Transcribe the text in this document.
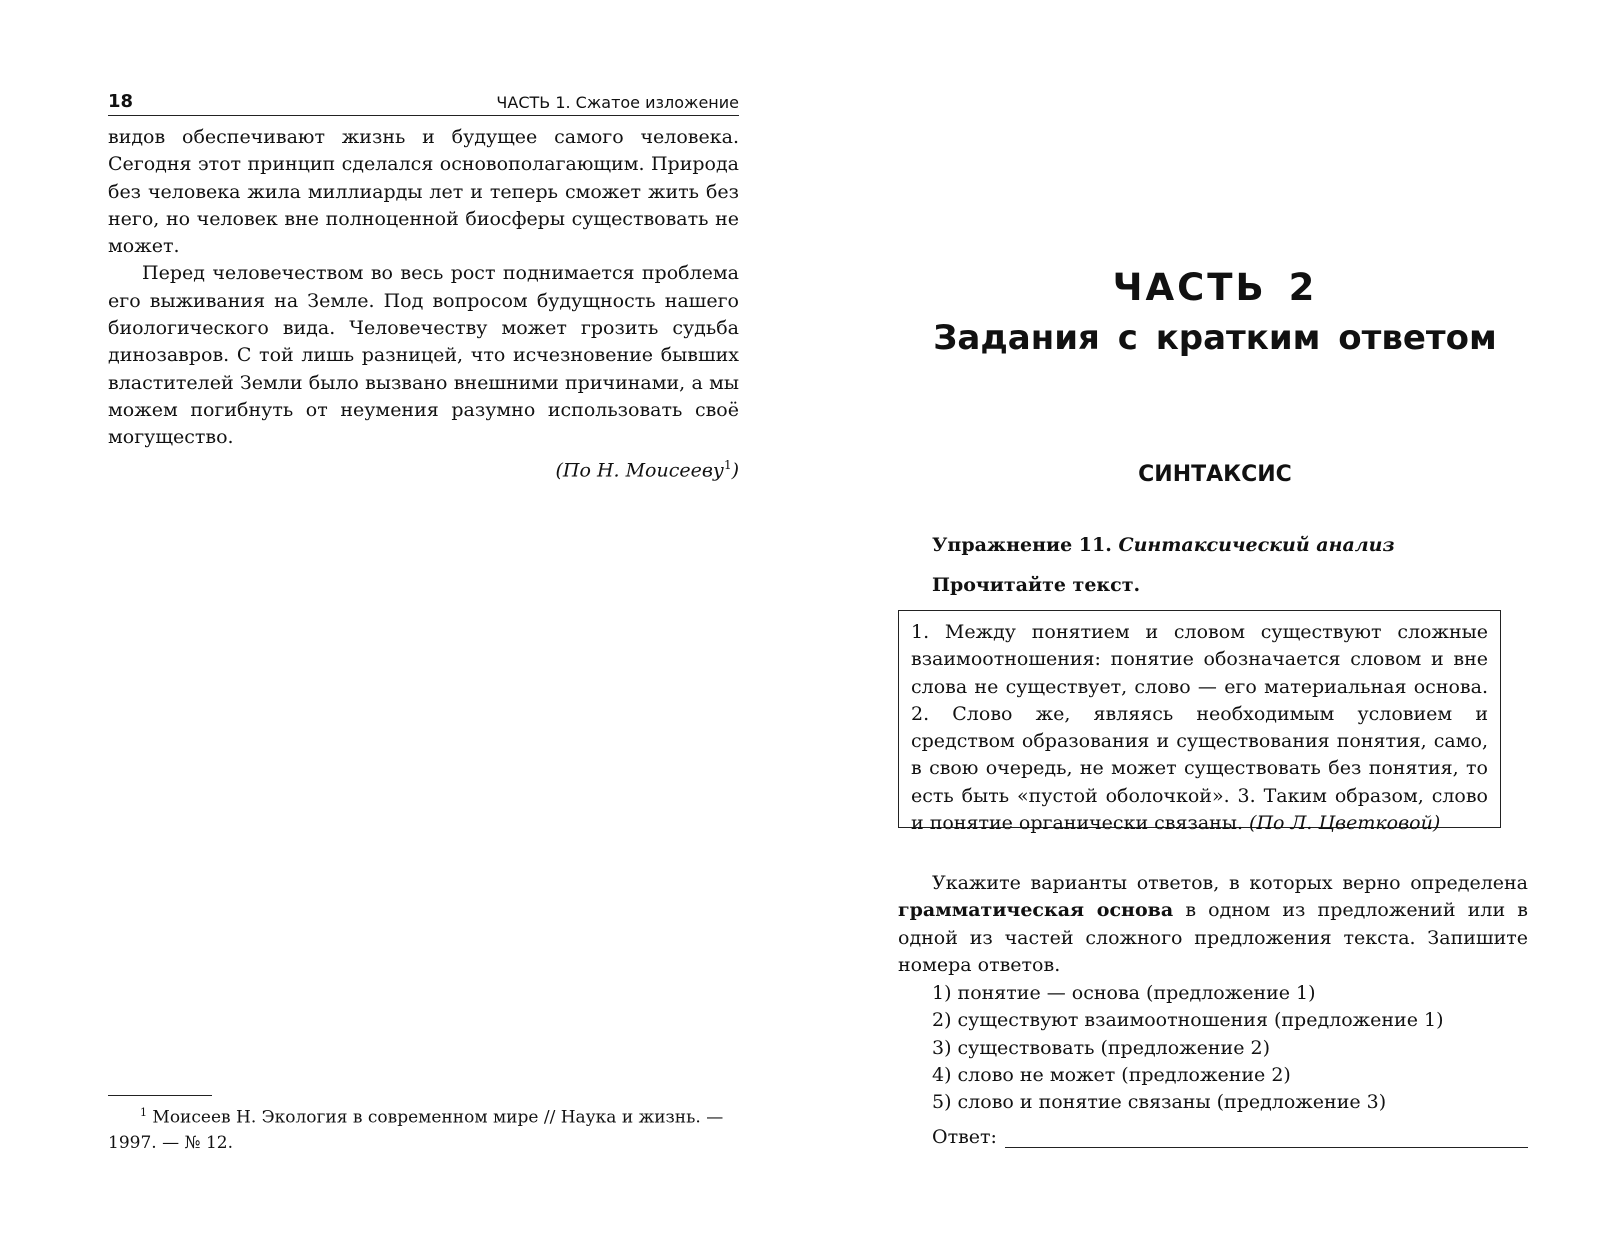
18	ЧАСТЬ 1. Сжатое изложение

видов обеспечивают жизнь и будущее самого человека. Сегодня этот принцип сделался основополагающим. Природа без человека жила миллиарды лет и теперь сможет жить без него, но человек вне полноценной биосферы существовать не может.

Перед человечеством во весь рост поднимается проблема его выживания на Земле. Под вопросом будущность нашего биологического вида. Человечеству может грозить судьба динозавров. С той лишь разницей, что исчезновение бывших властителей Земли было вызвано внешними причинами, а мы можем погибнуть от неумения разумно использовать своё могущество.

(По Н. Моисееву$^1$)

$^1$ Моисеев Н. Экология в современном мире // Наука и жизнь. —
1997. — № 12.
ЧАСТЬ 2
Задания с кратким ответом
СИНТАКСИС
Упражнение 11. Синтаксический анализ
Прочитайте текст.
1. Между понятием и словом существуют сложные взаимоотношения: понятие обозначается словом и вне слова не существует, слово — его материальная основа. 2. Слово же, являясь необходимым условием и средством образования и существования понятия, само, в свою очередь, не может существовать без понятия, то есть быть «пустой оболочкой». 3. Таким образом, слово и понятие органически связаны. (По Л. Цветковой)

Укажите варианты ответов, в которых верно определена грамматическая основа в одном из предложений или в одной из частей сложного предложения текста. Запишите номера ответов.

1) понятие — основа (предложение 1)
2) существуют взаимоотношения (предложение 1)
3) существовать (предложение 2)
4) слово не может (предложение 2)
5) слово и понятие связаны (предложение 3)
Ответ:
